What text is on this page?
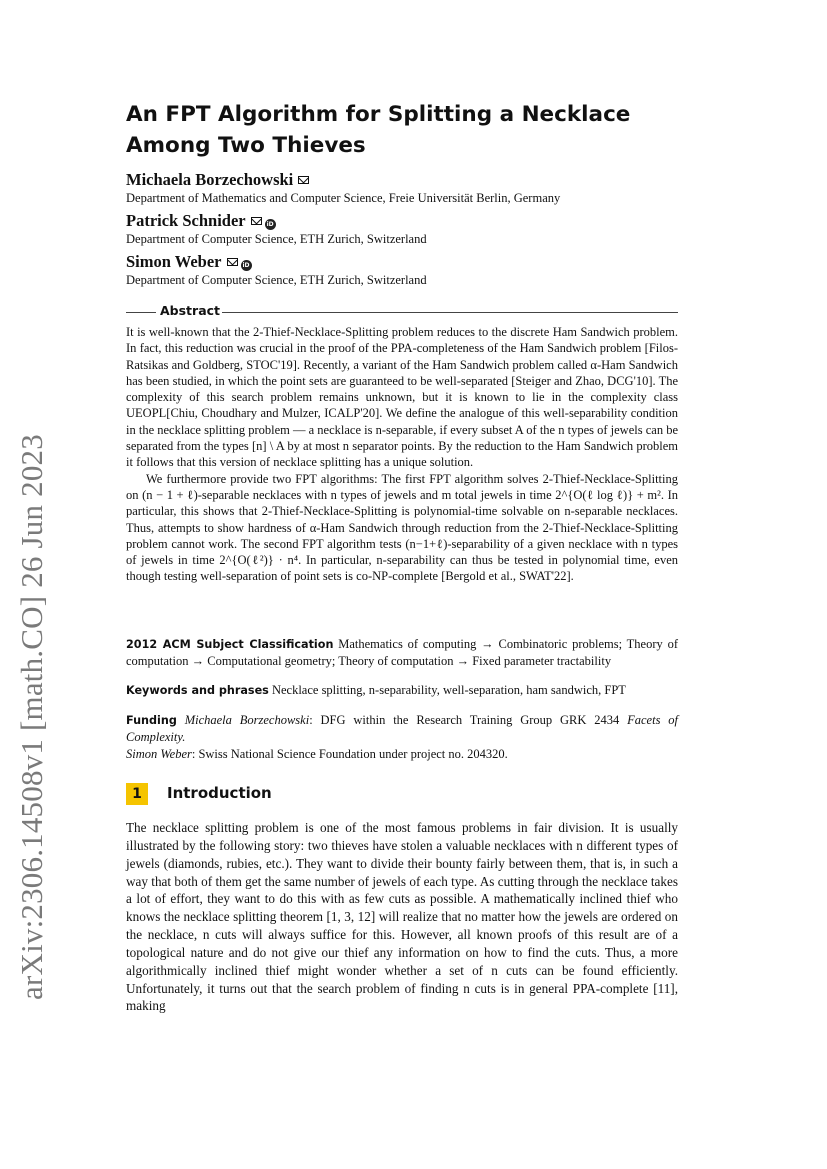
arXiv:2306.14508v1 [math.CO] 26 Jun 2023
An FPT Algorithm for Splitting a Necklace Among Two Thieves
Michaela Borzechowski
Department of Mathematics and Computer Science, Freie Universität Berlin, Germany
Patrick Schnider	iD
Department of Computer Science, ETH Zurich, Switzerland
Simon Weber	iD
Department of Computer Science, ETH Zurich, Switzerland
Abstract

It is well-known that the 2-Thief-Necklace-Splitting problem reduces to the discrete Ham Sandwich problem. In fact, this reduction was crucial in the proof of the PPA-completeness of the Ham Sandwich problem [Filos-Ratsikas and Goldberg, STOC'19]. Recently, a variant of the Ham Sandwich problem called α-Ham Sandwich has been studied, in which the point sets are guaranteed to be well-separated [Steiger and Zhao, DCG'10]. The complexity of this search problem remains unknown, but it is known to lie in the complexity class UEOPL[Chiu, Choudhary and Mulzer, ICALP'20]. We define the analogue of this well-separability condition in the necklace splitting problem — a necklace is n-separable, if every subset A of the n types of jewels can be separated from the types [n] \ A by at most n separator points. By the reduction to the Ham Sandwich problem it follows that this version of necklace splitting has a unique solution.

We furthermore provide two FPT algorithms: The first FPT algorithm solves 2-Thief-Necklace-Splitting on (n − 1 + ℓ)-separable necklaces with n types of jewels and m total jewels in time 2^{O(ℓ log ℓ)} + m². In particular, this shows that 2-Thief-Necklace-Splitting is polynomial-time solvable on n-separable necklaces. Thus, attempts to show hardness of α-Ham Sandwich through reduction from the 2-Thief-Necklace-Splitting problem cannot work. The second FPT algorithm tests (n−1+ℓ)-separability of a given necklace with n types of jewels in time 2^{O(ℓ²)} · n⁴. In particular, n-separability can thus be tested in polynomial time, even though testing well-separation of point sets is co-NP-complete [Bergold et al., SWAT'22].

2012 ACM Subject Classification Mathematics of computing → Combinatoric problems; Theory of computation → Computational geometry; Theory of computation → Fixed parameter tractability
Keywords and phrases Necklace splitting, n-separability, well-separation, ham sandwich, FPT
Funding Michaela Borzechowski: DFG within the Research Training Group GRK 2434 Facets of Complexity.
Simon Weber: Swiss National Science Foundation under project no. 204320.
1	Introduction
The necklace splitting problem is one of the most famous problems in fair division. It is usually illustrated by the following story: two thieves have stolen a valuable necklaces with n different types of jewels (diamonds, rubies, etc.). They want to divide their bounty fairly between them, that is, in such a way that both of them get the same number of jewels of each type. As cutting through the necklace takes a lot of effort, they want to do this with as few cuts as possible. A mathematically inclined thief who knows the necklace splitting theorem [1, 3, 12] will realize that no matter how the jewels are ordered on the necklace, n cuts will always suffice for this. However, all known proofs of this result are of a topological nature and do not give our thief any information on how to find the cuts. Thus, a more algorithmically inclined thief might wonder whether a set of n cuts can be found efficiently. Unfortunately, it turns out that the search problem of finding n cuts is in general PPA-complete [11], making
